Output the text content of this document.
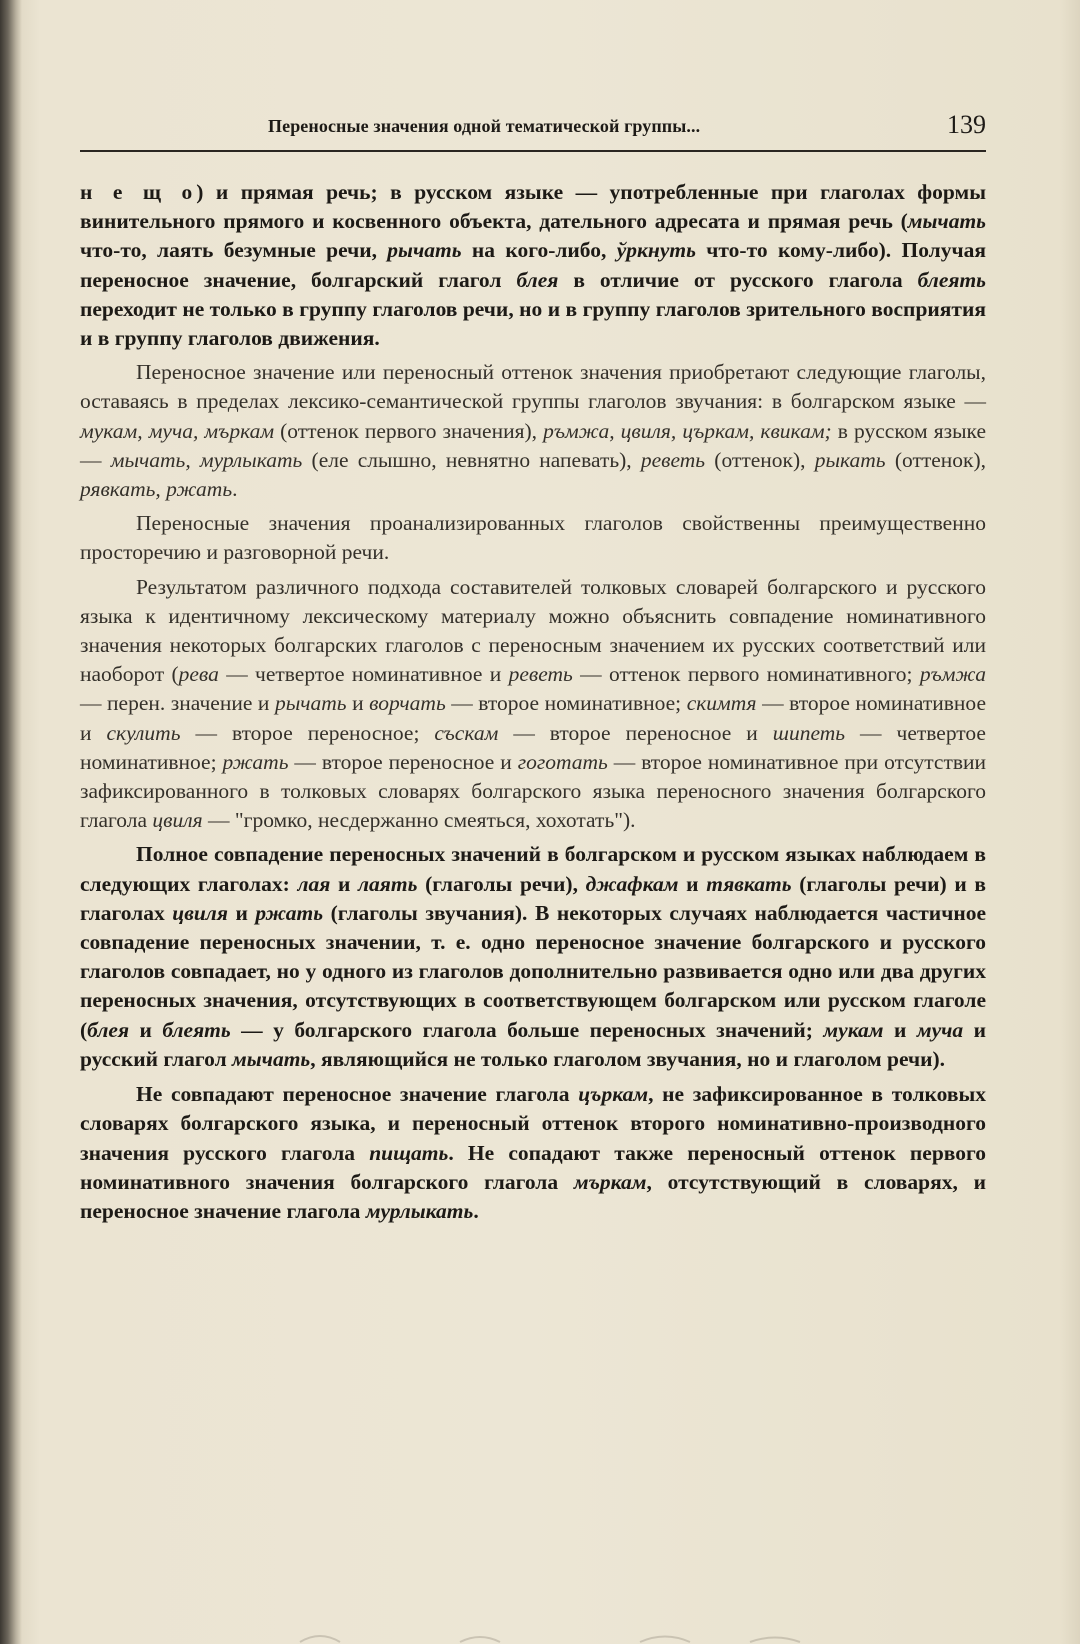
Переносные значения одной тематической группы...	139

н е щ о) и прямая речь; в русском языке — употребленные при глаголах формы винительного прямого и косвенного объекта, дательного адресата и прямая речь (мычать что-то, лаять безумные речи, рычать на кого-либо, ўркнуть что-то кому-либо). Получая переносное значение, болгарский глагол блея в отличие от русского глагола блеять переходит не только в группу глаголов речи, но и в группу глаголов зрительного восприятия и в группу глаголов движения.

Переносное значение или переносный оттенок значения приобретают следующие глаголы, оставаясь в пределах лексико-семантической группы глаголов звучания: в болгарском языке — мукам, муча, мъркам (оттенок первого значения), ръмжа, цвиля, църкам, квикам; в русском языке — мычать, мурлыкать (еле слышно, невнятно напевать), реветь (оттенок), рыкать (оттенок), рявкать, ржать.

Переносные значения проанализированных глаголов свойственны преимущественно просторечию и разговорной речи.

Результатом различного подхода составителей толковых словарей болгарского и русского языка к идентичному лексическому материалу можно объяснить совпадение номинативного значения некоторых болгарских глаголов с переносным значением их русских соответствий или наоборот (рева — четвертое номинативное и реветь — оттенок первого номинативного; ръмжа — перен. значение и рычать и ворчать — второе номинативное; скимтя — второе номинативное и скулить — второе переносное; съскам — второе переносное и шипеть — четвертое номинативное; ржать — второе переносное и гоготать — второе номинативное при отсутствии зафиксированного в толковых словарях болгарского языка переносного значения болгарского глагола цвиля — "громко, несдержанно смеяться, хохотать").

Полное совпадение переносных значений в болгарском и русском языках наблюдаем в следующих глаголах: лая и лаять (глаголы речи), джафкам и тявкать (глаголы речи) и в глаголах цвиля и ржать (глаголы звучания). В некоторых случаях наблюдается частичное совпадение переносных значении, т. е. одно переносное значение болгарского и русского глаголов совпадает, но у одного из глаголов дополнительно развивается одно или два других переносных значения, отсутствующих в соответствующем болгарском или русском глаголе (блея и блеять — у болгарского глагола больше переносных значений; мукам и муча и русский глагол мычать, являющийся не только глаголом звучания, но и глаголом речи).

Не совпадают переносное значение глагола църкам, не зафиксированное в толковых словарях болгарского языка, и переносный оттенок второго номинативно-производного значения русского глагола пищать. Не сопадают также переносный оттенок первого номинативного значения болгарского глагола мъркам, отсутствующий в словарях, и переносное значение глагола мурлыкать.
